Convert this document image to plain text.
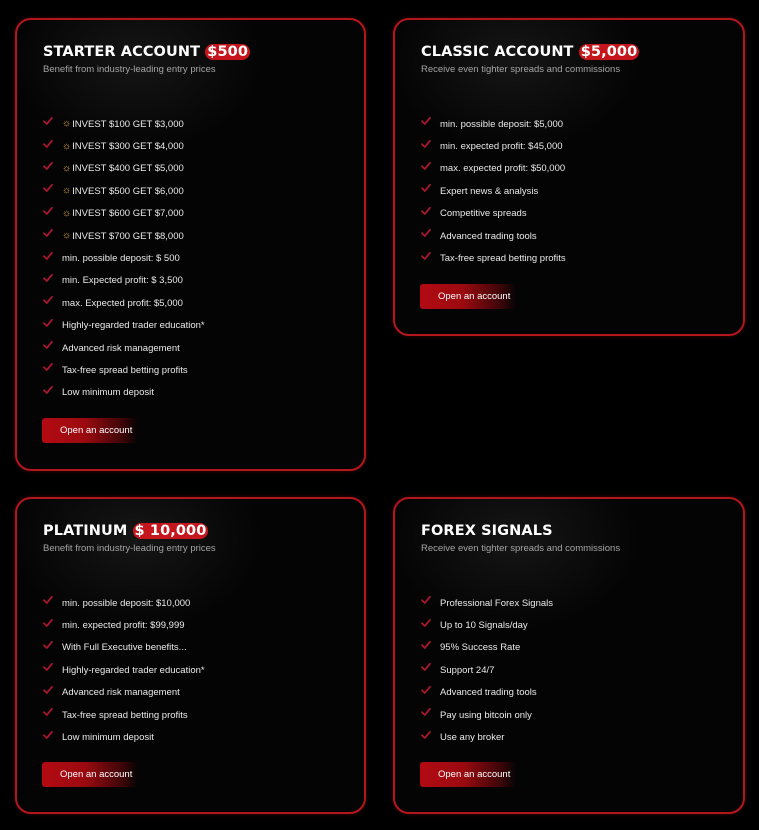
STARTER ACCOUNT $500
Benefit from industry-leading entry prices
☼ INVEST $100 GET $3,000
☼ INVEST $300 GET $4,000
☼ INVEST $400 GET $5,000
☼ INVEST $500 GET $6,000
☼ INVEST $600 GET $7,000
☼ INVEST $700 GET $8,000
min. possible deposit: $ 500
min. Expected profit: $ 3,500
max. Expected profit: $5,000
Highly-regarded trader education*
Advanced risk management
Tax-free spread betting profits
Low minimum deposit
Open an account
CLASSIC ACCOUNT $5,000
Receive even tighter spreads and commissions
min. possible deposit: $5,000
min. expected profit: $45,000
max. expected profit: $50,000
Expert news & analysis
Competitive spreads
Advanced trading tools
Tax-free spread betting profits
Open an account
PLATINUM $ 10,000
Benefit from industry-leading entry prices
min. possible deposit: $10,000
min. expected profit: $99,999
With Full Executive benefits...
Highly-regarded trader education*
Advanced risk management
Tax-free spread betting profits
Low minimum deposit
Open an account
FOREX SIGNALS
Receive even tighter spreads and commissions
Professional Forex Signals
Up to 10 Signals/day
95% Success Rate
Support 24/7
Advanced trading tools
Pay using bitcoin only
Use any broker
Open an account
